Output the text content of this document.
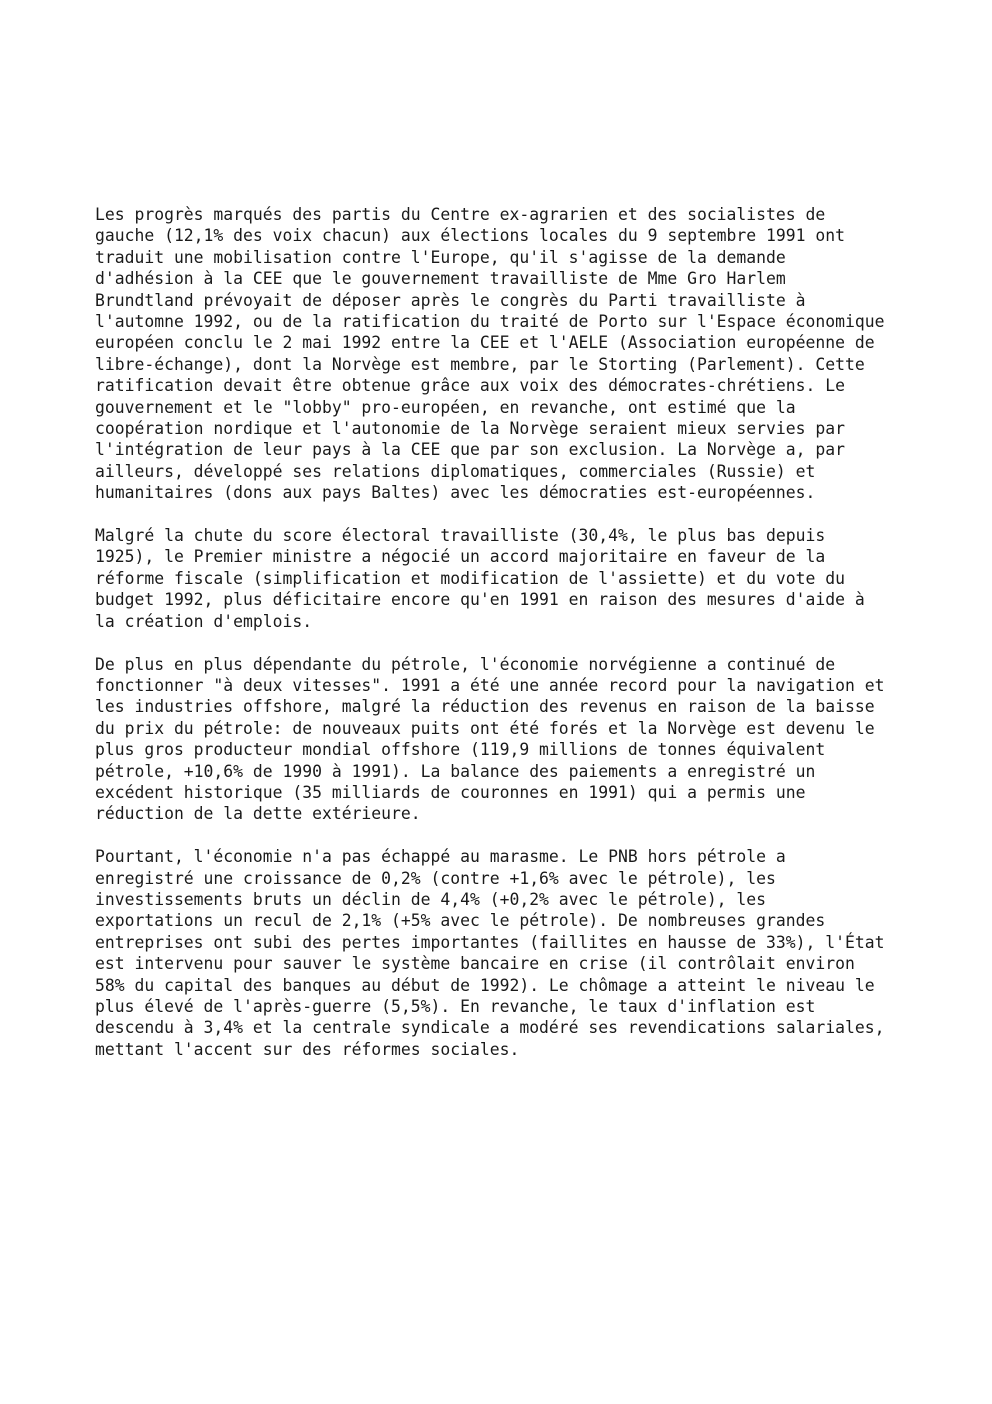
Les progrès marqués des partis du Centre ex-agrarien et des socialistes de
gauche (12,1% des voix chacun) aux élections locales du 9 septembre 1991 ont
traduit une mobilisation contre l'Europe, qu'il s'agisse de la demande
d'adhésion à la CEE que le gouvernement travailliste de Mme Gro Harlem
Brundtland prévoyait de déposer après le congrès du Parti travailliste à
l'automne 1992, ou de la ratification du traité de Porto sur l'Espace économique
européen conclu le 2 mai 1992 entre la CEE et l'AELE (Association européenne de
libre-échange), dont la Norvège est membre, par le Storting (Parlement). Cette
ratification devait être obtenue grâce aux voix des démocrates-chrétiens. Le
gouvernement et le "lobby" pro-européen, en revanche, ont estimé que la
coopération nordique et l'autonomie de la Norvège seraient mieux servies par
l'intégration de leur pays à la CEE que par son exclusion. La Norvège a, par
ailleurs, développé ses relations diplomatiques, commerciales (Russie) et
humanitaires (dons aux pays Baltes) avec les démocraties est-européennes.

Malgré la chute du score électoral travailliste (30,4%, le plus bas depuis
1925), le Premier ministre a négocié un accord majoritaire en faveur de la
réforme fiscale (simplification et modification de l'assiette) et du vote du
budget 1992, plus déficitaire encore qu'en 1991 en raison des mesures d'aide à
la création d'emplois.

De plus en plus dépendante du pétrole, l'économie norvégienne a continué de
fonctionner "à deux vitesses". 1991 a été une année record pour la navigation et
les industries offshore, malgré la réduction des revenus en raison de la baisse
du prix du pétrole: de nouveaux puits ont été forés et la Norvège est devenu le
plus gros producteur mondial offshore (119,9 millions de tonnes équivalent
pétrole, +10,6% de 1990 à 1991). La balance des paiements a enregistré un
excédent historique (35 milliards de couronnes en 1991) qui a permis une
réduction de la dette extérieure.

Pourtant, l'économie n'a pas échappé au marasme. Le PNB hors pétrole a
enregistré une croissance de 0,2% (contre +1,6% avec le pétrole), les
investissements bruts un déclin de 4,4% (+0,2% avec le pétrole), les
exportations un recul de 2,1% (+5% avec le pétrole). De nombreuses grandes
entreprises ont subi des pertes importantes (faillites en hausse de 33%), l'État
est intervenu pour sauver le système bancaire en crise (il contrôlait environ
58% du capital des banques au début de 1992). Le chômage a atteint le niveau le
plus élevé de l'après-guerre (5,5%). En revanche, le taux d'inflation est
descendu à 3,4% et la centrale syndicale a modéré ses revendications salariales,
mettant l'accent sur des réformes sociales.
